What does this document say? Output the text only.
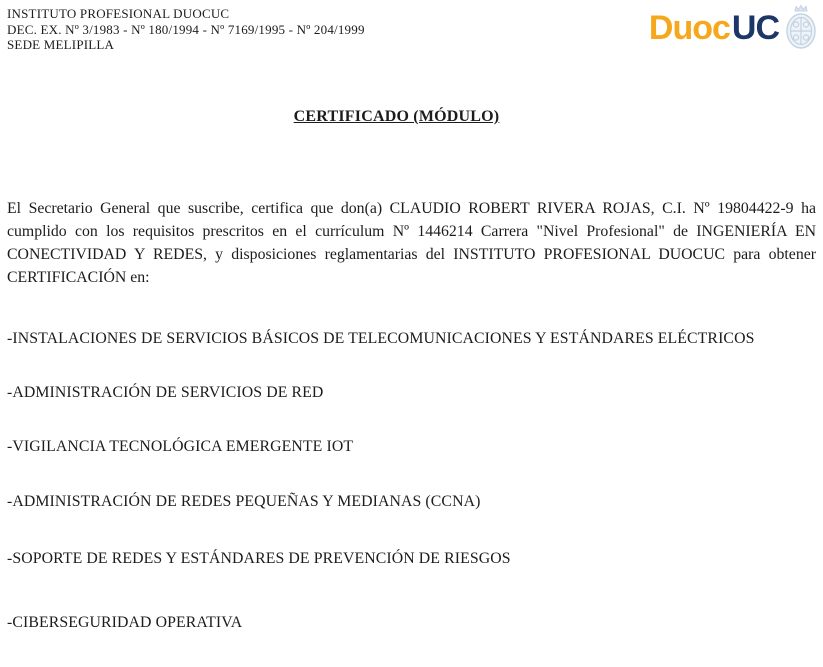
INSTITUTO PROFESIONAL DUOCUC
DEC. EX. Nº 3/1983 - Nº 180/1994 - Nº 7169/1995 - Nº 204/1999
SEDE MELIPILLA	Duoc UC
CERTIFICADO (MÓDULO)
El Secretario General que suscribe, certifica que don(a) CLAUDIO ROBERT RIVERA ROJAS, C.I. Nº 19804422-9 ha cumplido con los requisitos prescritos en el currículum Nº 1446214 Carrera "Nivel Profesional" de INGENIERÍA EN CONECTIVIDAD Y REDES, y disposiciones reglamentarias del INSTITUTO PROFESIONAL DUOCUC para obtener CERTIFICACIÓN en:
-INSTALACIONES DE SERVICIOS BÁSICOS DE TELECOMUNICACIONES Y ESTÁNDARES ELÉCTRICOS
-ADMINISTRACIÓN DE SERVICIOS DE RED
-VIGILANCIA TECNOLÓGICA EMERGENTE IOT
-ADMINISTRACIÓN DE REDES PEQUEÑAS Y MEDIANAS (CCNA)
-SOPORTE DE REDES Y ESTÁNDARES DE PREVENCIÓN DE RIESGOS
-CIBERSEGURIDAD OPERATIVA
